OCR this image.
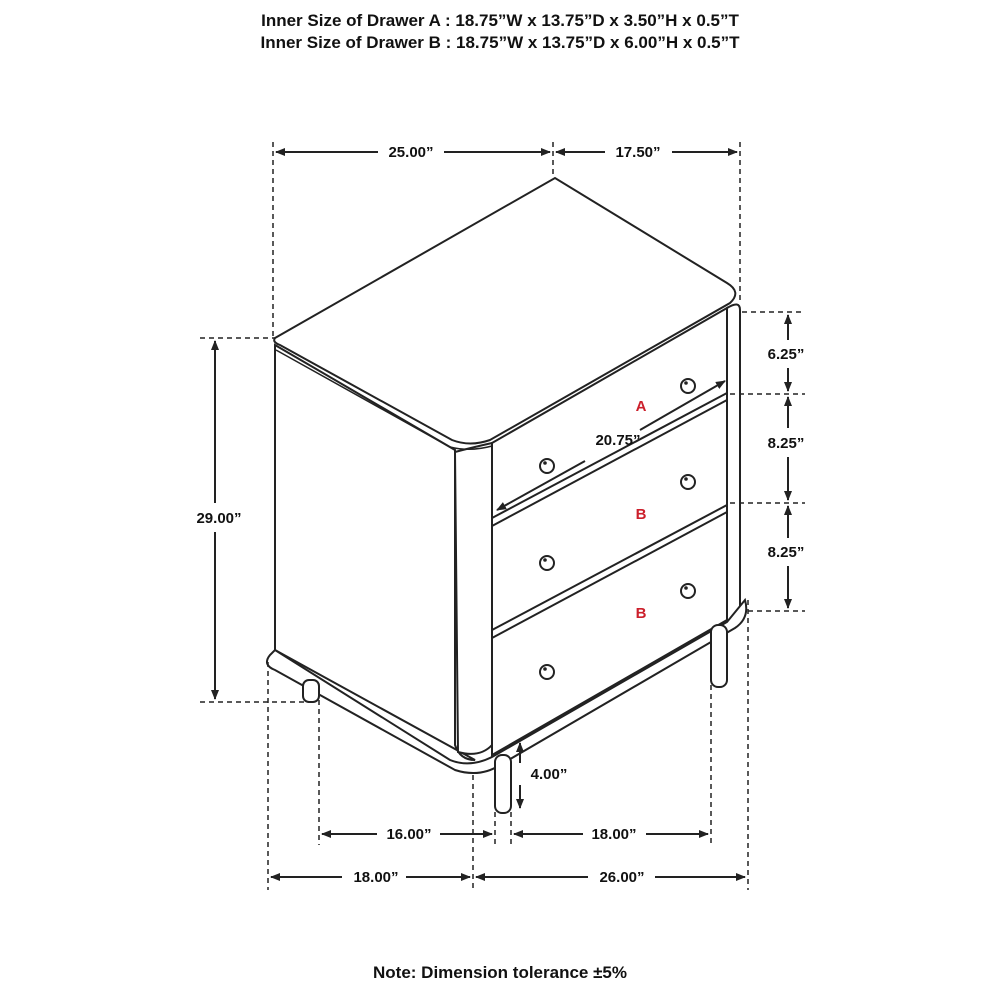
Inner Size of Drawer A : 18.75”W x 13.75”D x 3.50”H x 0.5”T
Inner Size of Drawer B : 18.75”W x 13.75”D x 6.00”H x 0.5”T
A
B
B
25.00”	17.50”
29.00”
6.25”
8.25”
8.25”
20.75”
4.00”
16.00”	18.00”
18.00”	26.00”
Note: Dimension tolerance ±5%
